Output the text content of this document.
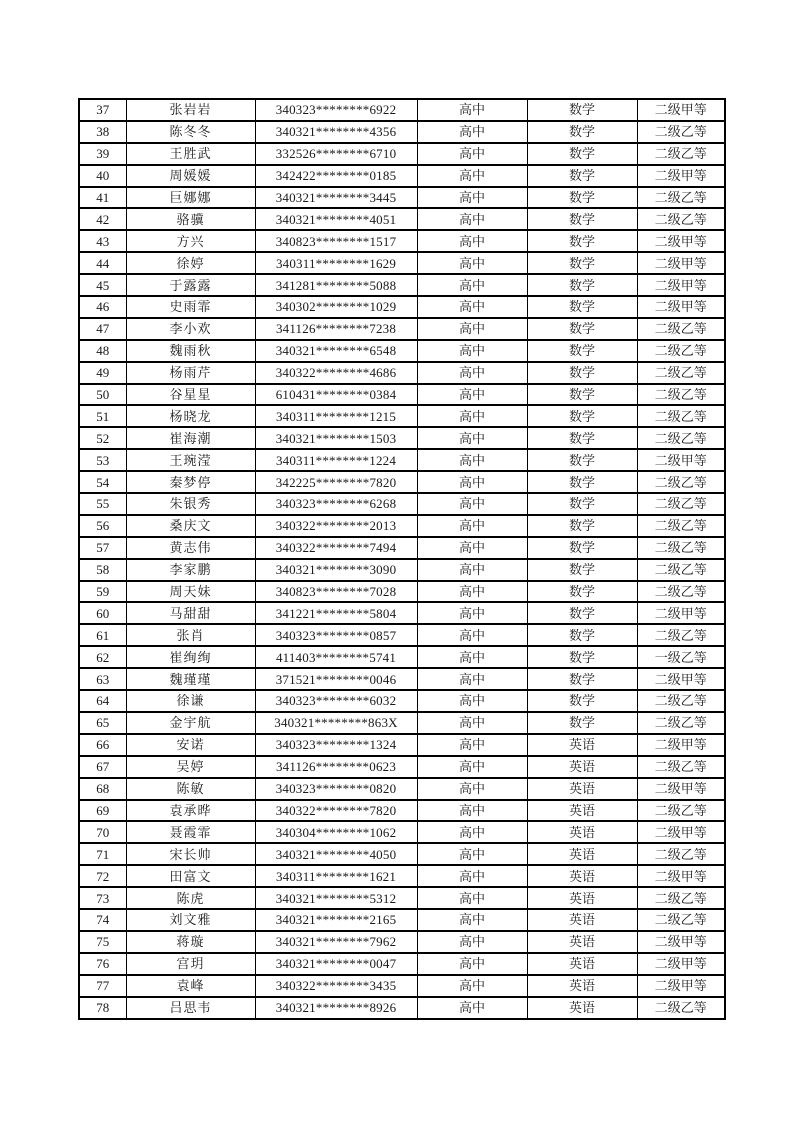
37	张岩岩	340323********6922	高中	数学	二级甲等
38	陈冬冬	340321********4356	高中	数学	二级乙等
39	王胜武	332526********6710	高中	数学	二级乙等
40	周媛媛	342422********0185	高中	数学	二级甲等
41	巨娜娜	340321********3445	高中	数学	二级乙等
42	骆骥	340321********4051	高中	数学	二级乙等
43	方兴	340823********1517	高中	数学	二级甲等
44	徐婷	340311********1629	高中	数学	二级甲等
45	于露露	341281********5088	高中	数学	二级甲等
46	史雨霏	340302********1029	高中	数学	二级甲等
47	李小欢	341126********7238	高中	数学	二级乙等
48	魏雨秋	340321********6548	高中	数学	二级乙等
49	杨雨芹	340322********4686	高中	数学	二级乙等
50	谷星星	610431********0384	高中	数学	二级乙等
51	杨晓龙	340311********1215	高中	数学	二级乙等
52	崔海潮	340321********1503	高中	数学	二级乙等
53	王琬滢	340311********1224	高中	数学	二级甲等
54	秦梦停	342225********7820	高中	数学	二级乙等
55	朱银秀	340323********6268	高中	数学	二级乙等
56	桑庆文	340322********2013	高中	数学	二级乙等
57	黄志伟	340322********7494	高中	数学	二级乙等
58	李家鹏	340321********3090	高中	数学	二级乙等
59	周天妹	340823********7028	高中	数学	二级乙等
60	马甜甜	341221********5804	高中	数学	二级甲等
61	张肖	340323********0857	高中	数学	二级乙等
62	崔绚绚	411403********5741	高中	数学	一级乙等
63	魏瑾瑾	371521********0046	高中	数学	二级甲等
64	徐谦	340323********6032	高中	数学	二级乙等
65	金宇航	340321********863X	高中	数学	二级乙等
66	安诺	340323********1324	高中	英语	二级甲等
67	吴婷	341126********0623	高中	英语	二级乙等
68	陈敏	340323********0820	高中	英语	二级甲等
69	袁承晔	340322********7820	高中	英语	二级乙等
70	聂霞霏	340304********1062	高中	英语	二级甲等
71	宋长帅	340321********4050	高中	英语	二级乙等
72	田富文	340311********1621	高中	英语	二级甲等
73	陈虎	340321********5312	高中	英语	二级乙等
74	刘文雅	340321********2165	高中	英语	二级乙等
75	蒋璇	340321********7962	高中	英语	二级甲等
76	宫玥	340321********0047	高中	英语	二级甲等
77	袁峰	340322********3435	高中	英语	二级甲等
78	吕思韦	340321********8926	高中	英语	二级乙等
